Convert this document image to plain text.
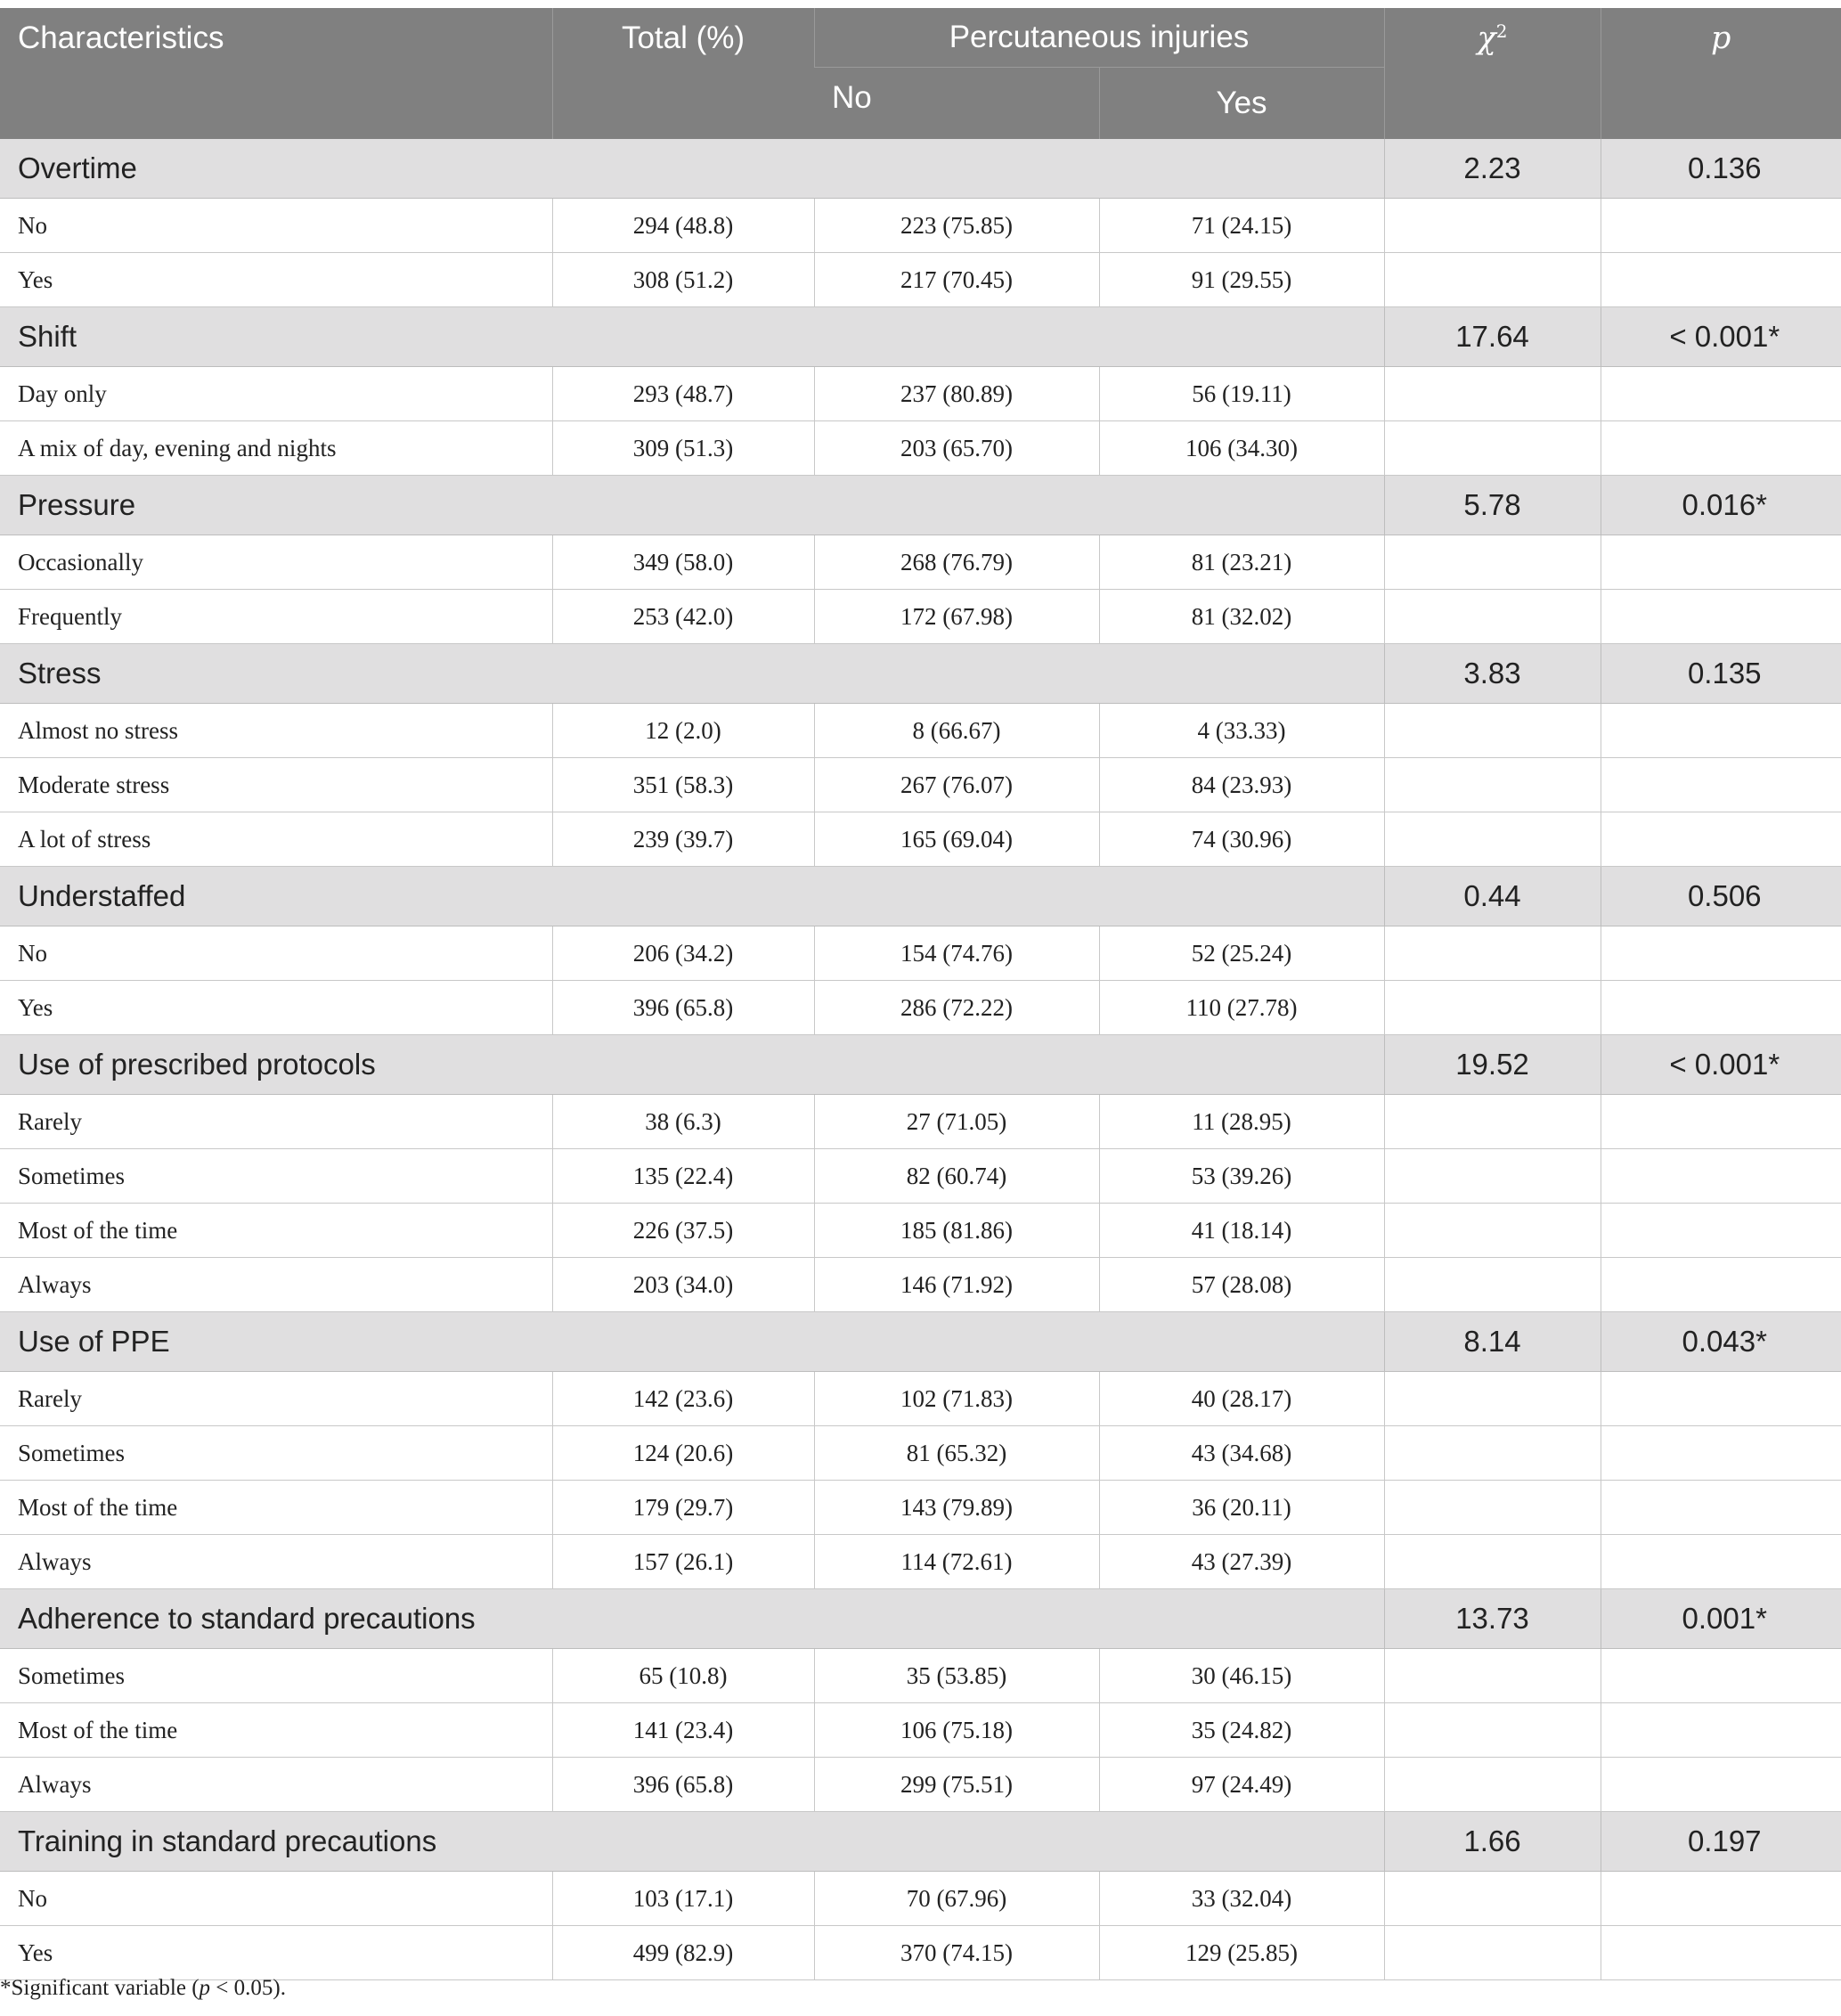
Characteristics	Total (%)	Percutaneous injuries		$\chi^2$	p
		No	Yes		
Overtime				2.23	0.136
No	294 (48.8)	223 (75.85)	71 (24.15)		
Yes	308 (51.2)	217 (70.45)	91 (29.55)		
Shift				17.64	< 0.001*
Day only	293 (48.7)	237 (80.89)	56 (19.11)		
A mix of day, evening and nights	309 (51.3)	203 (65.70)	106 (34.30)		
Pressure				5.78	0.016*
Occasionally	349 (58.0)	268 (76.79)	81 (23.21)		
Frequently	253 (42.0)	172 (67.98)	81 (32.02)		
Stress				3.83	0.135
Almost no stress	12 (2.0)	8 (66.67)	4 (33.33)		
Moderate stress	351 (58.3)	267 (76.07)	84 (23.93)		
A lot of stress	239 (39.7)	165 (69.04)	74 (30.96)		
Understaffed				0.44	0.506
No	206 (34.2)	154 (74.76)	52 (25.24)		
Yes	396 (65.8)	286 (72.22)	110 (27.78)		
Use of prescribed protocols				19.52	< 0.001*
Rarely	38 (6.3)	27 (71.05)	11 (28.95)		
Sometimes	135 (22.4)	82 (60.74)	53 (39.26)		
Most of the time	226 (37.5)	185 (81.86)	41 (18.14)		
Always	203 (34.0)	146 (71.92)	57 (28.08)		
Use of PPE				8.14	0.043*
Rarely	142 (23.6)	102 (71.83)	40 (28.17)		
Sometimes	124 (20.6)	81 (65.32)	43 (34.68)		
Most of the time	179 (29.7)	143 (79.89)	36 (20.11)		
Always	157 (26.1)	114 (72.61)	43 (27.39)		
Adherence to standard precautions				13.73	0.001*
Sometimes	65 (10.8)	35 (53.85)	30 (46.15)		
Most of the time	141 (23.4)	106 (75.18)	35 (24.82)		
Always	396 (65.8)	299 (75.51)	97 (24.49)		
Training in standard precautions				1.66	0.197
No	103 (17.1)	70 (67.96)	33 (32.04)		
Yes	499 (82.9)	370 (74.15)	129 (25.85)		
*Significant variable (p < 0.05).
